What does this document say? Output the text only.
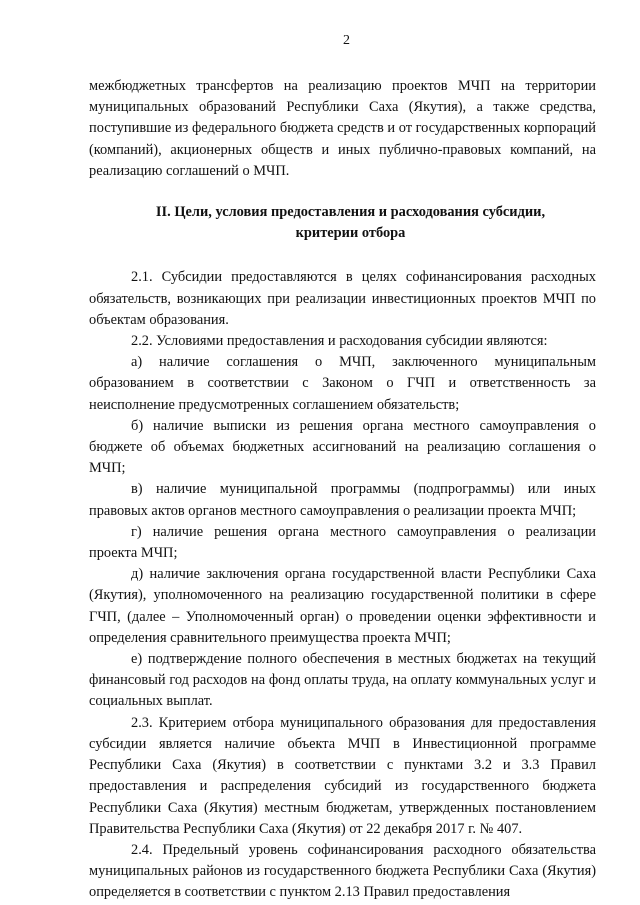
2

межбюджетных трансфертов на реализацию проектов МЧП на территории муниципальных образований Республики Саха (Якутия), а также средства, поступившие из федерального бюджета средств и от государственных корпораций (компаний), акционерных обществ и иных публично-правовых компаний, на реализацию соглашений о МЧП.

II. Цели, условия предоставления и расходования субсидии,
критерии отбора

2.1. Субсидии предоставляются в целях софинансирования расходных обязательств, возникающих при реализации инвестиционных проектов МЧП по объектам образования.

2.2. Условиями предоставления и расходования субсидии являются:

а) наличие соглашения о МЧП, заключенного муниципальным образованием в соответствии с Законом о ГЧП и ответственность за неисполнение предусмотренных соглашением обязательств;

б) наличие выписки из решения органа местного самоуправления о бюджете об объемах бюджетных ассигнований на реализацию соглашения о МЧП;

в) наличие муниципальной программы (подпрограммы) или иных правовых актов органов местного самоуправления о реализации проекта МЧП;

г) наличие решения органа местного самоуправления о реализации проекта МЧП;

д) наличие заключения органа государственной власти Республики Саха (Якутия), уполномоченного на реализацию государственной политики в сфере ГЧП, (далее – Уполномоченный орган) о проведении оценки эффективности и определения сравнительного преимущества проекта МЧП;

е) подтверждение полного обеспечения в местных бюджетах на текущий финансовый год расходов на фонд оплаты труда, на оплату коммунальных услуг и социальных выплат.

2.3. Критерием отбора муниципального образования для предоставления субсидии является наличие объекта МЧП в Инвестиционной программе Республики Саха (Якутия) в соответствии с пунктами 3.2 и 3.3 Правил предоставления и распределения субсидий из государственного бюджета Республики Саха (Якутия) местным бюджетам, утвержденных постановлением Правительства Республики Саха (Якутия) от 22 декабря 2017 г. № 407.

2.4. Предельный уровень софинансирования расходного обязательства муниципальных районов из государственного бюджета Республики Саха (Якутия) определяется в соответствии с пунктом 2.13 Правил предоставления
